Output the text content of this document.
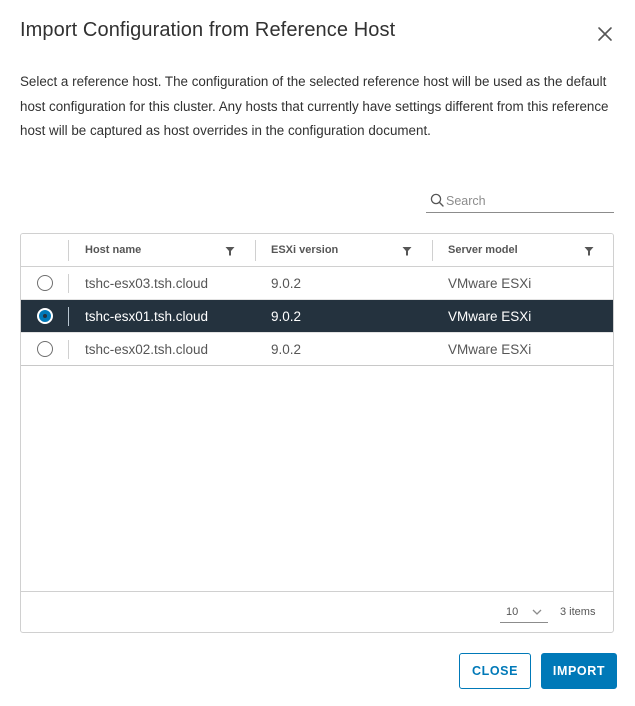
Import Configuration from Reference Host
Select a reference host. The configuration of the selected reference host will be used as the default host configuration for this cluster. Any hosts that currently have settings different from this reference host will be captured as host overrides in the configuration document.
Search
Host name	ESXi version	Server model
tshc-esx03.tsh.cloud	9.0.2	VMware ESXi
tshc-esx01.tsh.cloud	9.0.2	VMware ESXi
tshc-esx02.tsh.cloud	9.0.2	VMware ESXi
10	3 items
CLOSE	IMPORT
